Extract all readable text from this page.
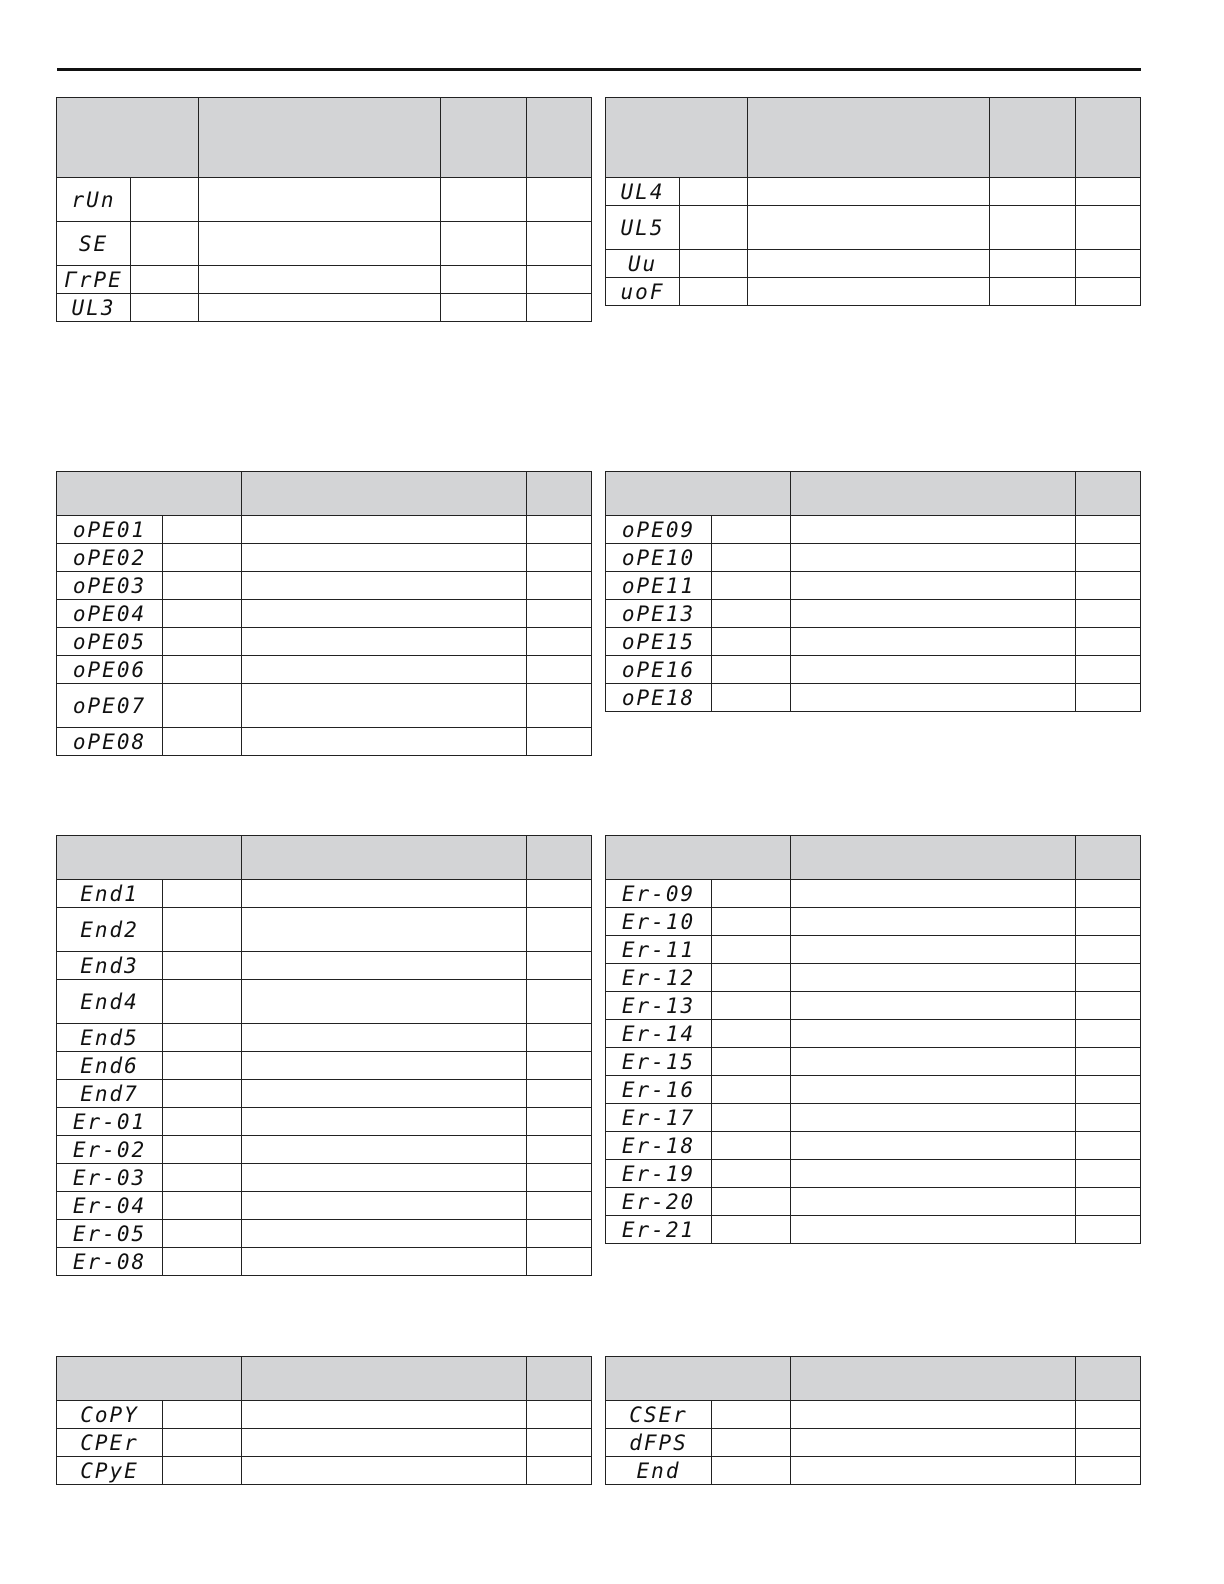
rUn				
SE				
ΓrPE				
UL3				

UL4				
UL5				
Uu				
uoF				

oPE01			
oPE02			
oPE03			
oPE04			
oPE05			
oPE06			
oPE07			
oPE08			

oPE09			
oPE10			
oPE11			
oPE13			
oPE15			
oPE16			
oPE18			

End1			
End2			
End3			
End4			
End5			
End6			
End7			
Er-01			
Er-02			
Er-03			
Er-04			
Er-05			
Er-08			

Er-09			
Er-10			
Er-11			
Er-12			
Er-13			
Er-14			
Er-15			
Er-16			
Er-17			
Er-18			
Er-19			
Er-20			
Er-21			

CoPY			
CPEr			
CPyE			

CSEr			
dFPS			
End			
